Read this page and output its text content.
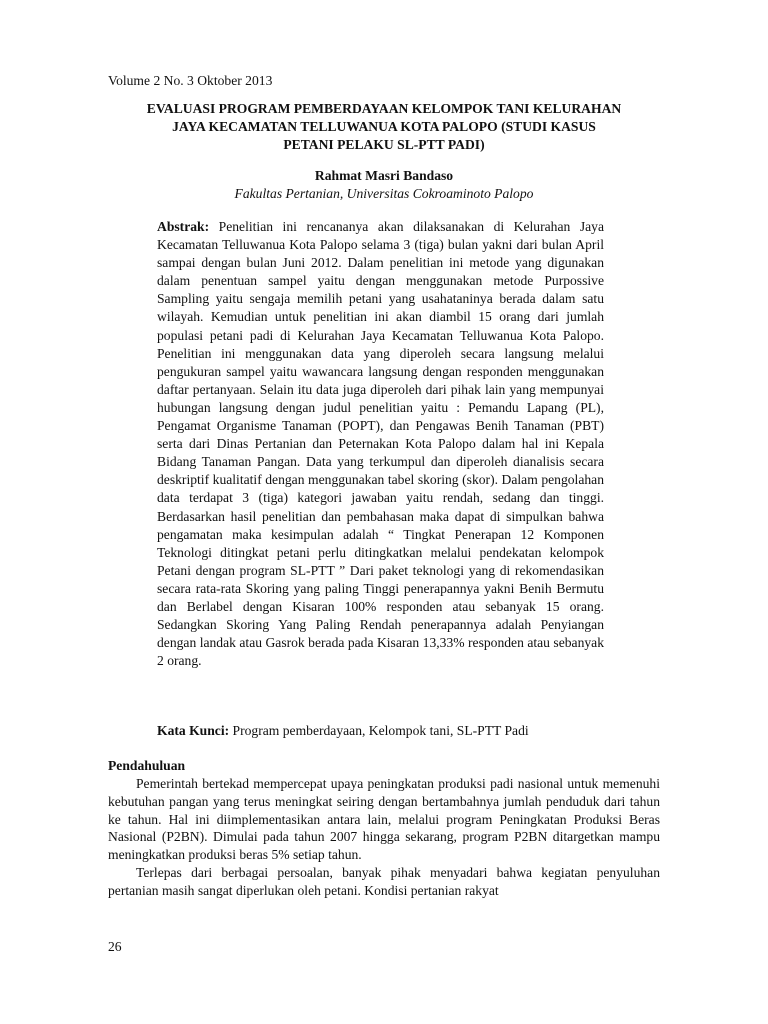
Volume 2 No. 3 Oktober 2013
EVALUASI PROGRAM PEMBERDAYAAN KELOMPOK TANI KELURAHAN
JAYA KECAMATAN TELLUWANUA KOTA PALOPO (STUDI KASUS
PETANI PELAKU SL-PTT PADI)
Rahmat Masri Bandaso
Fakultas Pertanian, Universitas Cokroaminoto Palopo
Abstrak: Penelitian ini rencananya akan dilaksanakan di Kelurahan Jaya Kecamatan Telluwanua Kota Palopo selama 3 (tiga) bulan yakni dari bulan April sampai dengan bulan Juni 2012. Dalam penelitian ini metode yang digunakan dalam penentuan sampel yaitu dengan menggunakan metode Purpossive Sampling yaitu sengaja memilih petani yang usahataninya berada dalam satu wilayah. Kemudian untuk penelitian ini akan diambil 15 orang dari jumlah populasi petani padi di Kelurahan Jaya Kecamatan Telluwanua Kota Palopo. Penelitian ini menggunakan data yang diperoleh secara langsung melalui pengukuran sampel yaitu wawancara langsung dengan responden menggunakan daftar pertanyaan. Selain itu data juga diperoleh dari pihak lain yang mempunyai hubungan langsung dengan judul penelitian yaitu : Pemandu Lapang (PL), Pengamat Organisme Tanaman (POPT), dan Pengawas Benih Tanaman (PBT) serta dari Dinas Pertanian dan Peternakan Kota Palopo dalam hal ini Kepala Bidang Tanaman Pangan. Data yang terkumpul dan diperoleh dianalisis secara deskriptif kualitatif dengan menggunakan tabel skoring (skor). Dalam pengolahan data terdapat 3 (tiga) kategori jawaban yaitu rendah, sedang dan tinggi. Berdasarkan hasil penelitian dan pembahasan maka dapat di simpulkan bahwa pengamatan maka kesimpulan adalah “ Tingkat Penerapan 12 Komponen Teknologi ditingkat petani perlu ditingkatkan melalui pendekatan kelompok Petani dengan program SL-PTT ” Dari paket teknologi yang di rekomendasikan secara rata-rata Skoring yang paling Tinggi penerapannya yakni Benih Bermutu dan Berlabel dengan Kisaran 100% responden atau sebanyak 15 orang. Sedangkan Skoring Yang Paling Rendah penerapannya adalah Penyiangan dengan landak atau Gasrok berada pada Kisaran 13,33% responden atau sebanyak 2 orang.
Kata Kunci: Program pemberdayaan, Kelompok tani, SL-PTT Padi
Pendahuluan

Pemerintah bertekad mempercepat upaya peningkatan produksi padi nasional untuk memenuhi kebutuhan pangan yang terus meningkat seiring dengan bertambahnya jumlah penduduk dari tahun ke tahun. Hal ini diimplementasikan antara lain, melalui program Peningkatan Produksi Beras Nasional (P2BN). Dimulai pada tahun 2007 hingga sekarang, program P2BN ditargetkan mampu meningkatkan produksi beras 5% setiap tahun.

Terlepas dari berbagai persoalan, banyak pihak menyadari bahwa kegiatan penyuluhan pertanian masih sangat diperlukan oleh petani. Kondisi pertanian rakyat

26
